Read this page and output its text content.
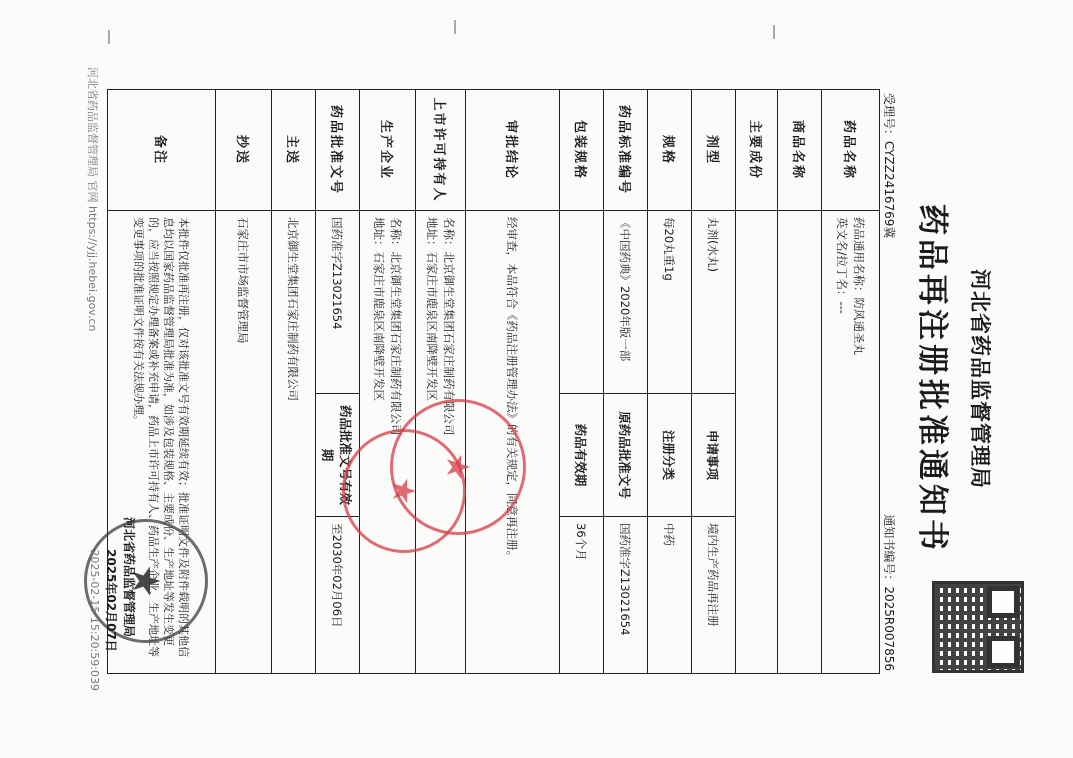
河北省药品监督管理局
药品再注册批准通知书
受理号：CYZZ2416769冀
通知书编号：2025R007856
药品名称	药品通用名称：防风通圣丸
英文名/拉丁名：---		

商品名称			
主要成份			
剂型	丸剂(水丸)	申请事项	境内生产药品再注册
规格	每20丸重1g	注册分类	中药
药品标准编号	《中国药典》2020年版一部	原药品批准文号	国药准字Z13021654
包装规格		药品有效期	36个月
审批结论	经审查，本品符合《药品注册管理办法》的有关规定，同意再注册。		
上市许可持有人	名称：北京御生堂集团石家庄制药有限公司
地址：石家庄市鹿泉区南降壁开发区		

生产企业	名称：北京御生堂集团石家庄制药有限公司
地址：石家庄市鹿泉区南降壁开发区		

药品批准文号	国药准字Z13021654	药品批准文号有效期	至2030年02月06日
主送	北京御生堂集团石家庄制药有限公司		
抄送	石家庄市市场监督管理局		
备注	本批件仅批准再注册，仅对该批准文号有效期延续有效；批准证明文件及附件载明的其他信息均以国家药品监督管理局批准为准，如涉及包装规格、主要成份、生产地址等发生变更的，应当按照规定办理备案或补充申请，药品上市许可持有人、药品生产企业、生产地址等变更事项的批准证明文件按有关法规办理。		
★
★
★
河北省药品监督管理局
2025年02月07日
河北省药品监督管理局 官网 https://yjj.hebei.gov.cn
2025-02-15 15:20:59:039
